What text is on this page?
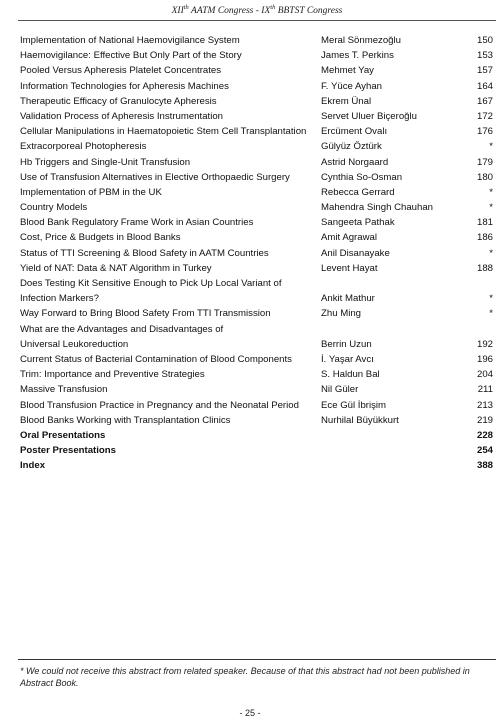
XIIth AATM Congress - IXth BBTST Congress
Implementation of National Haemovigilance System	Meral Sönmezoğlu	150
Haemovigilance: Effective But Only Part of the Story	James T. Perkins	153
Pooled Versus Apheresis Platelet Concentrates	Mehmet Yay	157
Information Technologies for Apheresis Machines	F. Yüce Ayhan	164
Therapeutic Efficacy of Granulocyte Apheresis	Ekrem Ünal	167
Validation Process of Apheresis Instrumentation	Servet Uluer Biçeroğlu	172
Cellular Manipulations in Haematopoietic Stem Cell Transplantation	Ercüment Ovalı	176
Extracorporeal Photopheresis	Gülyüz Öztürk	*
Hb Triggers and Single-Unit Transfusion	Astrid Norgaard	179
Use of Transfusion Alternatives in Elective Orthopaedic Surgery	Cynthia So-Osman	180
Implementation of PBM in the UK	Rebecca Gerrard	*
Country Models	Mahendra Singh Chauhan	*
Blood Bank Regulatory Frame Work in Asian Countries	Sangeeta Pathak	181
Cost, Price & Budgets in Blood Banks	Amit Agrawal	186
Status of TTI Screening & Blood Safety in AATM Countries	Anil Disanayake	*
Yield of NAT: Data & NAT Algorithm in Turkey	Levent Hayat	188
Does Testing Kit Sensitive Enough to Pick Up Local Variant of
Infection Markers?	Ankit Mathur	*
Way Forward to Bring Blood Safety From TTI Transmission	Zhu Ming	*
What are the Advantages and Disadvantages of
Universal Leukoreduction	Berrin Uzun	192
Current Status of Bacterial Contamination of Blood Components	İ. Yaşar Avcı	196
Trim: Importance and Preventive Strategies	S. Haldun Bal	204
Massive Transfusion	Nil Güler	211
Blood Transfusion Practice in Pregnancy and the Neonatal Period	Ece Gül İbrişim	213
Blood Banks Working with Transplantation Clinics	Nurhilal Büyükkurt	219
Oral Presentations	228
Poster Presentations	254
Index	388
* We could not receive this abstract from related speaker. Because of that this abstract had not been published in Abstract Book.
- 25 -
